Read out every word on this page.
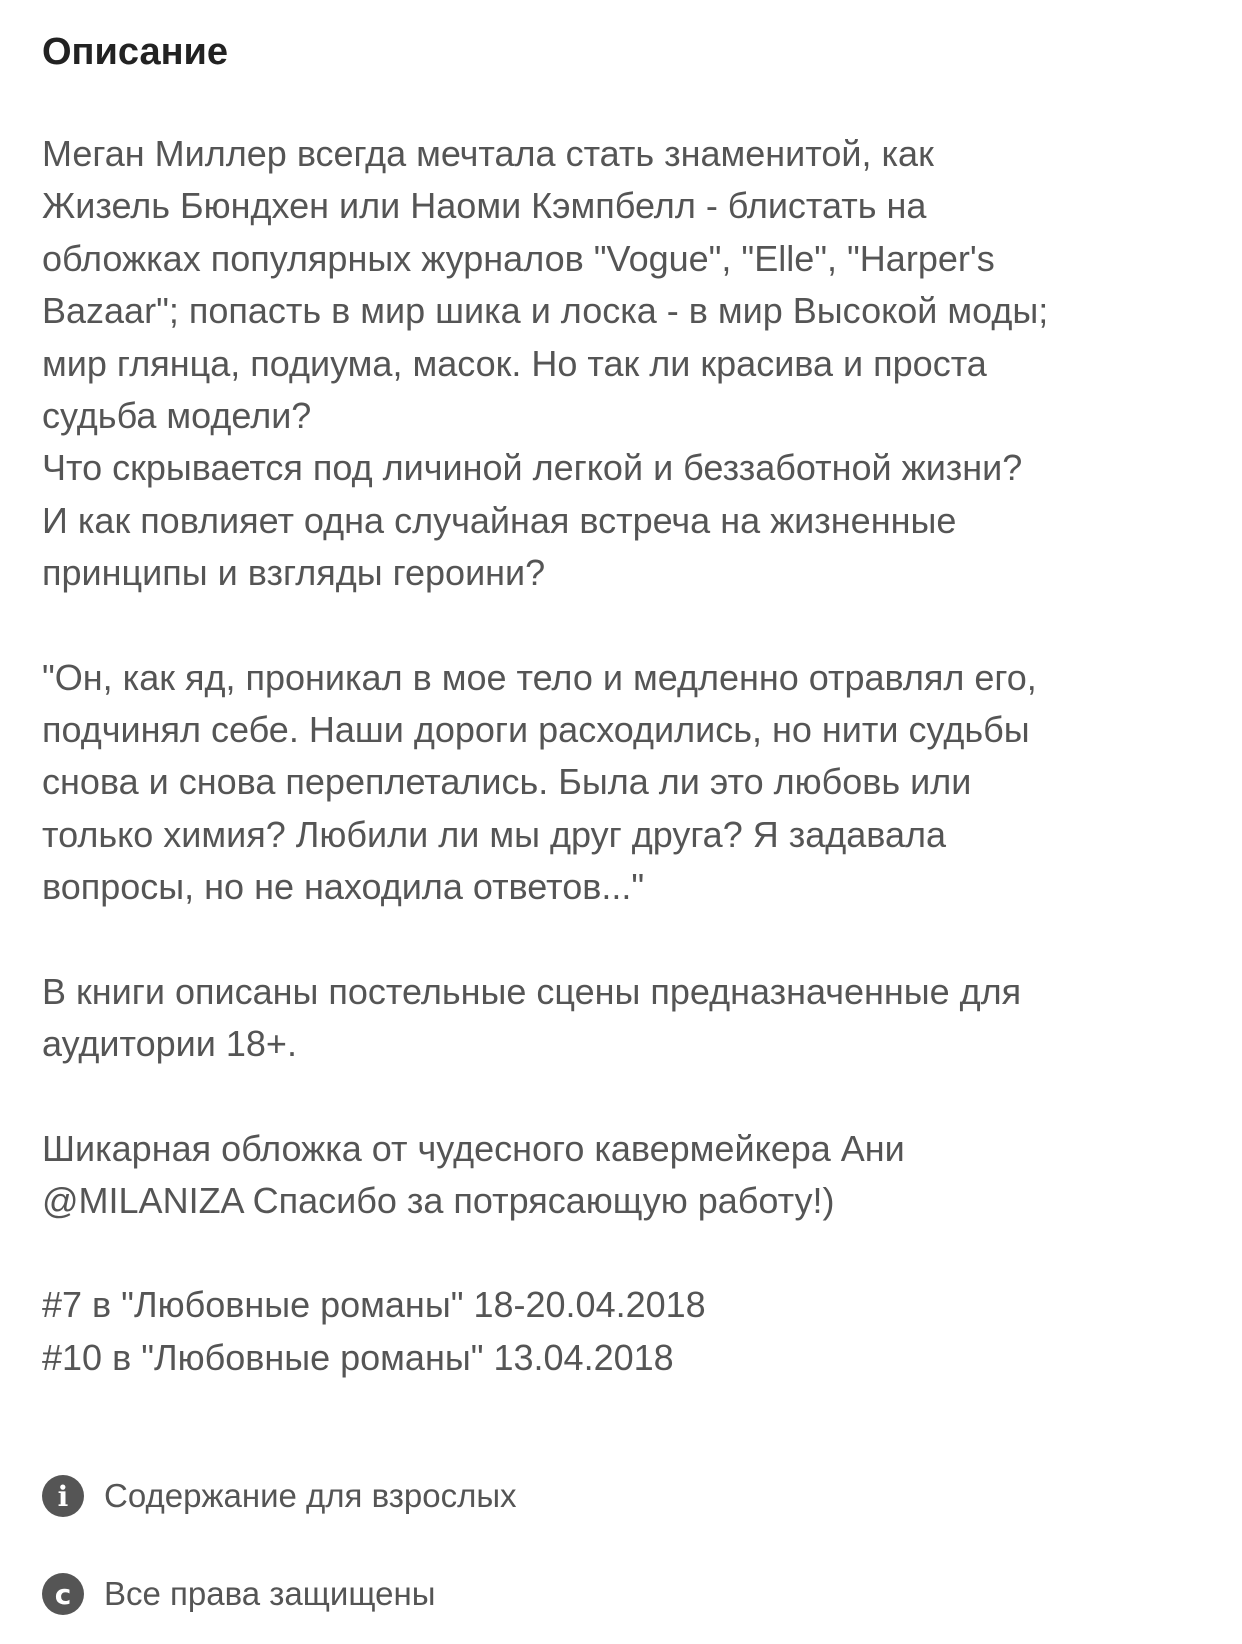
Описание

Меган Миллер всегда мечтала стать знаменитой, как
Жизель Бюндхен или Наоми Кэмпбелл - блистать на
обложках популярных журналов "Vogue", "Elle", "Harper's
Bazaar"; попасть в мир шика и лоска - в мир Высокой моды;
мир глянца, подиума, масок. Но так ли красива и проста
судьба модели?
Что скрывается под личиной легкой и беззаботной жизни?
И как повлияет одна случайная встреча на жизненные
принципы и взгляды героини?

"Он, как яд, проникал в мое тело и медленно отравлял его,
подчинял себе. Наши дороги расходились, но нити судьбы
снова и снова переплетались. Была ли это любовь или
только химия? Любили ли мы друг друга? Я задавала
вопросы, но не находила ответов..."

В книги описаны постельные сцены предназначенные для
аудитории 18+.

Шикарная обложка от чудесного кавермейкера Ани
@MILANIZA Спасибо за потрясающую работу!)

#7 в "Любовные романы" 18-20.04.2018
#10 в "Любовные романы" 13.04.2018

i	Содержание для взрослых
c Все права защищены
